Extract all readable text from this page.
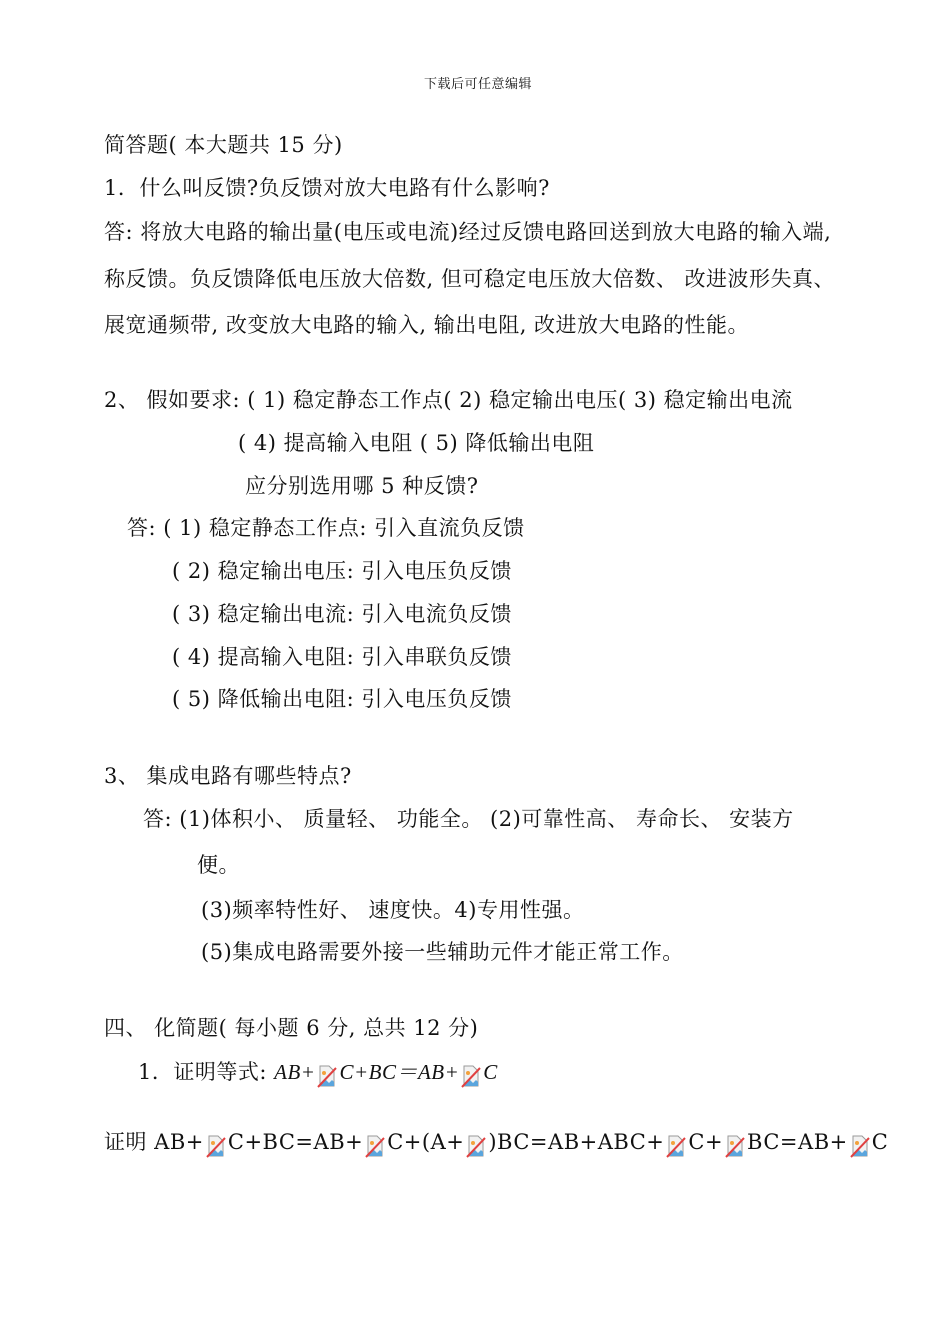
下载后可任意编辑
简答题( 本大题共 15 分)
1．什么叫反馈?负反馈对放大电路有什么影响?
答: 将放大电路的输出量(电压或电流)经过反馈电路回送到放大电路的输入端,
称反馈。负反馈降低电压放大倍数, 但可稳定电压放大倍数、 改进波形失真、
展宽通频带, 改变放大电路的输入, 输出电阻, 改进放大电路的性能。
2、 假如要求: ( 1) 稳定静态工作点( 2) 稳定输出电压( 3) 稳定输出电流
( 4) 提高输入电阻 ( 5) 降低输出电阻
应分别选用哪 5 种反馈?
答: ( 1) 稳定静态工作点: 引入直流负反馈
( 2) 稳定输出电压: 引入电压负反馈
( 3) 稳定输出电流: 引入电流负反馈
( 4) 提高输入电阻: 引入串联负反馈
( 5) 降低输出电阻: 引入电压负反馈
3、 集成电路有哪些特点?
答: (1)体积小、 质量轻、 功能全。 (2)可靠性高、 寿命长、 安装方
便。
(3)频率特性好、 速度快。4)专用性强。
(5)集成电路需要外接一些辅助元件才能正常工作。
四、 化简题( 每小题 6 分, 总共 12 分)
1．证明等式: AB+ C+BC＝AB+ C
证明 AB+ C+BC=AB+ C+(A+ )BC=AB+ABC+ C+ BC=AB+ C
